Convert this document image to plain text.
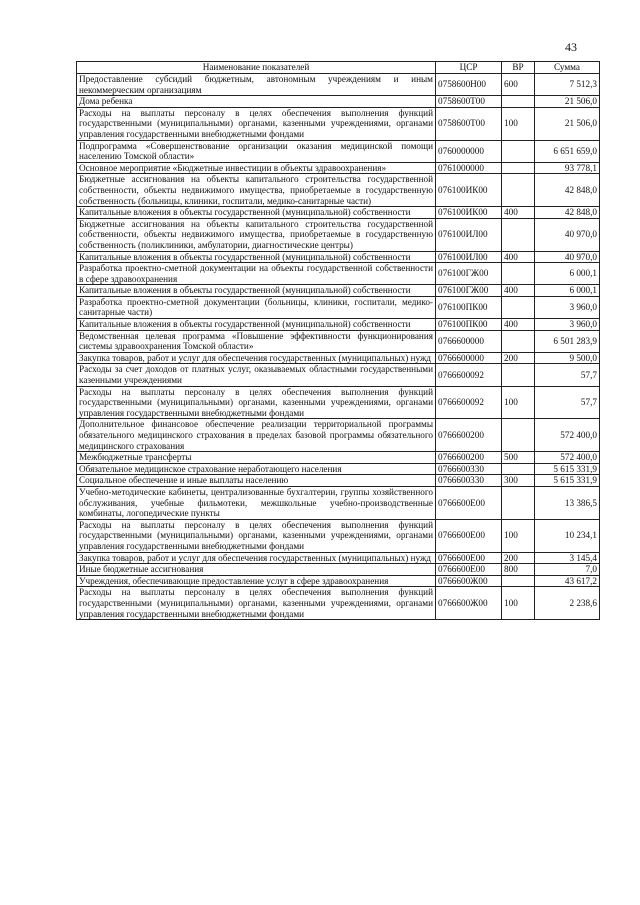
43
Наименование показателей	ЦСР	ВР	Сумма
Предоставление субсидий бюджетным, автономным учреждениям и иным некоммерческим организациям	0758600Н00	600	7 512,3
Дома ребенка	0758600Т00		21 506,0
Расходы на выплаты персоналу в целях обеспечения выполнения функций государственными (муниципальными) органами, казенными учреждениями, органами управления государственными внебюджетными фондами	0758600Т00	100	21 506,0
Подпрограмма «Совершенствование организации оказания медицинской помощи населению Томской области»	0760000000		6 651 659,0
Основное мероприятие «Бюджетные инвестиции в объекты здравоохранения»	0761000000		93 778,1
Бюджетные ассигнования на объекты капитального строительства государственной собственности, объекты недвижимого имущества, приобретаемые в государственную собственность (больницы, клиники, госпитали, медико-санитарные части)	076100ИК00		42 848,0
Капитальные вложения в объекты государственной (муниципальной) собственности	076100ИК00	400	42 848,0
Бюджетные ассигнования на объекты капитального строительства государственной собственности, объекты недвижимого имущества, приобретаемые в государственную собственность (поликлиники, амбулатории, диагностические центры)	076100ИЛ00		40 970,0
Капитальные вложения в объекты государственной (муниципальной) собственности	076100ИЛ00	400	40 970,0
Разработка проектно-сметной документации на объекты государственной собственности в сфере здравоохранения	076100ГЖ00		6 000,1
Капитальные вложения в объекты государственной (муниципальной) собственности	076100ГЖ00	400	6 000,1
Разработка проектно-сметной документации (больницы, клиники, госпитали, медико-санитарные части)	076100ПК00		3 960,0
Капитальные вложения в объекты государственной (муниципальной) собственности	076100ПК00	400	3 960,0
Ведомственная целевая программа «Повышение эффективности функционирования системы здравоохранения Томской области»	0766600000		6 501 283,9
Закупка товаров, работ и услуг для обеспечения государственных (муниципальных) нужд	0766600000	200	9 500,0
Расходы за счет доходов от платных услуг, оказываемых областными государственными казенными учреждениями	0766600092		57,7
Расходы на выплаты персоналу в целях обеспечения выполнения функций государственными (муниципальными) органами, казенными учреждениями, органами управления государственными внебюджетными фондами	0766600092	100	57,7
Дополнительное финансовое обеспечение реализации территориальной программы обязательного медицинского страхования в пределах базовой программы обязательного медицинского страхования	0766600200		572 400,0
Межбюджетные трансферты	0766600200	500	572 400,0
Обязательное медицинское страхование неработающего населения	0766600330		5 615 331,9
Социальное обеспечение и иные выплаты населению	0766600330	300	5 615 331,9
Учебно-методические кабинеты, централизованные бухгалтерии, группы хозяйственного обслуживания, учебные фильмотеки, межшкольные учебно-производственные комбинаты, логопедические пункты	0766600Е00		13 386,5
Расходы на выплаты персоналу в целях обеспечения выполнения функций государственными (муниципальными) органами, казенными учреждениями, органами управления государственными внебюджетными фондами	0766600Е00	100	10 234,1
Закупка товаров, работ и услуг для обеспечения государственных (муниципальных) нужд	0766600Е00	200	3 145,4
Иные бюджетные ассигнования	0766600Е00	800	7,0
Учреждения, обеспечивающие предоставление услуг в сфере здравоохранения	0766600Ж00		43 617,2
Расходы на выплаты персоналу в целях обеспечения выполнения функций государственными (муниципальными) органами, казенными учреждениями, органами управления государственными внебюджетными фондами	0766600Ж00	100	2 238,6
